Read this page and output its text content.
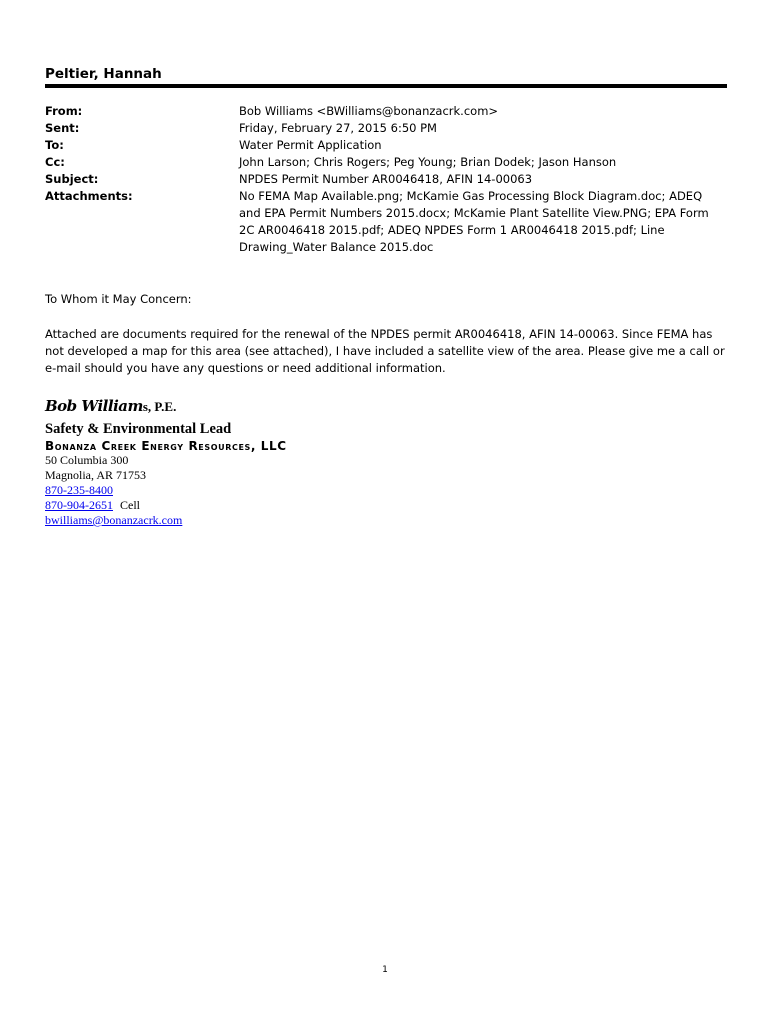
Peltier, Hannah
From:	Bob Williams <BWilliams@bonanzacrk.com>
Sent:	Friday, February 27, 2015 6:50 PM
To:	Water Permit Application
Cc:	John Larson; Chris Rogers; Peg Young; Brian Dodek; Jason Hanson
Subject:	NPDES Permit Number AR0046418, AFIN 14-00063
Attachments:	No FEMA Map Available.png; McKamie Gas Processing Block Diagram.doc; ADEQ and EPA Permit Numbers 2015.docx; McKamie Plant Satellite View.PNG; EPA Form 2C AR0046418 2015.pdf; ADEQ NPDES Form 1 AR0046418 2015.pdf; Line Drawing_Water Balance 2015.doc
To Whom it May Concern:
Attached are documents required for the renewal of the NPDES permit AR0046418, AFIN 14-00063. Since FEMA has not developed a map for this area (see attached), I have included a satellite view of the area. Please give me a call or e-mail should you have any questions or need additional information.
Bob Williams, P.E.
Safety & Environmental Lead
Bonanza Creek Energy Resources, LLC
50 Columbia 300
Magnolia, AR 71753
870-235-8400
870-904-2651 Cell
bwilliams@bonanzacrk.com
1
